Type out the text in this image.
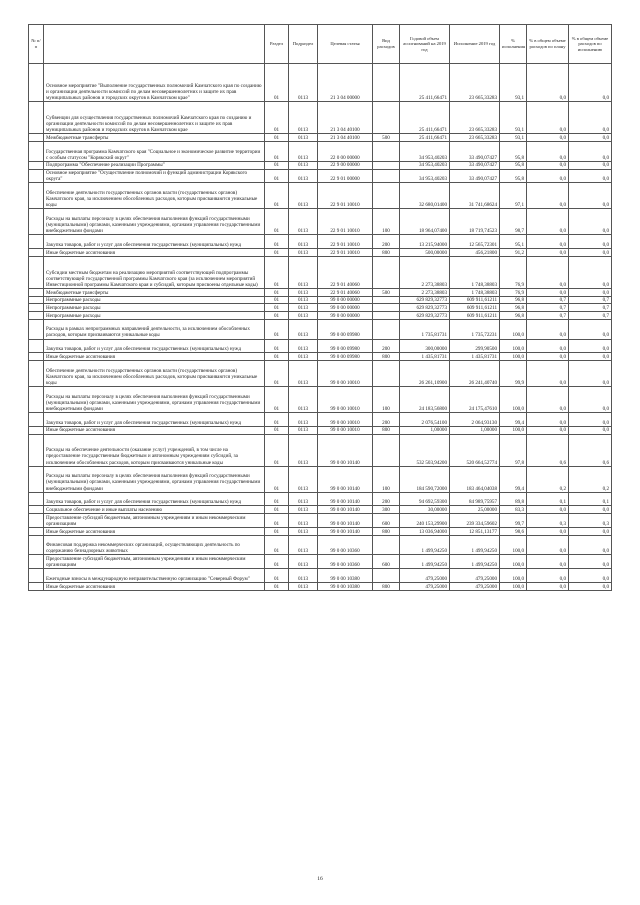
№ п/п		Раздел	Подраздел	Целевая статья	Вид расходов	Годовой объем ассигнований на 2019 год	Исполнение 2019 год	% исполнения	% в общем объеме расходов по плану	% в общем объеме расходов по исполнению
	Основное мероприятие "Выполнение государственных полномочий Камчатского края по созданию и организации деятельности комиссий по делам несовершеннолетних и защите их прав муниципальных районов и городских округов в Камчатском крае"	01	0113	21 3 04 00000		25 411,66471	23 665,33283	93,1	0,0	0,0
	Субвенции для осуществления государственных полномочий Камчатского края по созданию и организации деятельности комиссий по делам несовершеннолетних и защите их прав муниципальных районов и городских округов в Камчатском крае	01	0113	21 3 04 40100		25 411,66471	23 665,33283	93,1	0,0	0,0
	Межбюджетные трансферты	01	0113	21 3 04 40100	500	25 411,66471	23 665,33283	93,1	0,0	0,0
	Государственная программа Камчатского края "Социальное и экономическое развитие территории с особым статусом "Корякский округ"	01	0113	22 0 00 00000		34 953,40203	33 490,07427	95,8	0,0	0,0
	Подпрограмма "Обеспечение реализации Программы"	01	0113	22 9 00 00000		34 953,40203	33 490,07427	95,8	0,0	0,0
	Основное мероприятие "Осуществление полномочий и функций администрации Корякского округа"	01	0113	22 9 01 00000		34 953,40203	33 490,07427	95,8	0,0	0,0
	Обеспечение деятельности государственных органов власти (государственных органов) Камчатского края, за исключением обособленных расходов, которым присваиваются уникальные коды	01	0113	22 9 01 10010		32 680,01400	31 741,68624	97,1	0,0	0,0
	Расходы на выплаты персоналу в целях обеспечения выполнения функций государственными (муниципальными) органами, казенными учреждениями, органами управления государственными внебюджетными фондами	01	0113	22 9 01 10010	100	18 964,07400	18 719,74523	98,7	0,0	0,0
	Закупка товаров, работ и услуг для обеспечения государственных (муниципальных) нужд	01	0113	22 9 01 10010	200	13 215,94000	12 565,72301	95,1	0,0	0,0
	Иные бюджетные ассигнования	01	0113	22 9 01 10010	800	500,00000	456,21800	91,2	0,0	0,0
	Субсидии местным бюджетам на реализацию мероприятий соответствующей подпрограммы соответствующей государственной программы Камчатского края (за исключением мероприятий Инвестиционной программы Камчатского края и субсидий, которым присвоены отдельные коды)	01	0113	22 9 01 40060		2 273,38803	1 748,38803	76,9	0,0	0,0
	Межбюджетные трансферты	01	0113	22 9 01 40060	500	2 273,38803	1 748,38803	76,9	0,0	0,0
	Непрограммные расходы	01	0113	99 0 00 00000		629 829,32773	609 911,61211	96,8	0,7	0,7
	Непрограммные расходы	01	0113	99 0 00 00000		629 829,32773	609 911,61211	96,8	0,7	0,7
	Непрограммные расходы	01	0113	99 0 00 00000		629 829,32773	609 911,61211	96,8	0,7	0,7
	Расходы в рамках непрограммных направлений деятельности, за исключением обособленных расходов, которым присваиваются уникальные коды	01	0113	99 0 00 09980		1 735,81731	1 735,72231	100,0	0,0	0,0
	Закупка товаров, работ и услуг для обеспечения государственных (муниципальных) нужд	01	0113	99 0 00 09980	200	300,00000	299,90500	100,0	0,0	0,0
	Иные бюджетные ассигнования	01	0113	99 0 00 09980	800	1 435,81731	1 435,81731	100,0	0,0	0,0
	Обеспечение деятельности государственных органов власти (государственных органов) Камчатского края, за исключением обособленных расходов, которым присваиваются уникальные коды	01	0113	99 0 00 10010		26 261,10900	26 241,40740	99,9	0,0	0,0
	Расходы на выплаты персоналу в целях обеспечения выполнения функций государственными (муниципальными) органами, казенными учреждениями, органами управления государственными внебюджетными фондами	01	0113	99 0 00 10010	100	24 183,56800	24 175,47610	100,0	0,0	0,0
	Закупка товаров, работ и услуг для обеспечения государственных (муниципальных) нужд	01	0113	99 0 00 10010	200	2 076,54100	2 064,93130	99,4	0,0	0,0
	Иные бюджетные ассигнования	01	0113	99 0 00 10010	800	1,00000	1,00000	100,0	0,0	0,0
	Расходы на обеспечение деятельности (оказание услуг) учреждений, в том числе на предоставление государственным бюджетным и автономным учреждениям субсидий, за исключением обособленных расходов, которым присваиваются уникальные коды	01	0113	99 0 00 10140		532 503,94200	520 664,52774	97,8	0,6	0,6
	Расходы на выплаты персоналу в целях обеспечения выполнения функций государственными (муниципальными) органами, казенными учреждениями, органами управления государственными внебюджетными фондами	01	0113	99 0 00 10140	100	184 590,72000	183 464,04038	99,4	0,2	0,2
	Закупка товаров, работ и услуг для обеспечения государственных (муниципальных) нужд	01	0113	99 0 00 10140	200	94 692,59300	84 989,75957	89,8	0,1	0,1
	Социальное обеспечение и иные выплаты населению	01	0113	99 0 00 10140	300	30,00000	25,00000	83,3	0,0	0,0
	Предоставление субсидий бюджетным, автономным учреждениям и иным некоммерческим организациям	01	0113	99 0 00 10140	600	240 153,29900	239 334,59602	99,7	0,3	0,3
	Иные бюджетные ассигнования	01	0113	99 0 00 10140	800	13 036,94000	12 851,13177	98,6	0,0	0,0
	Финансовая поддержка некоммерческих организаций, осуществляющих деятельность по содержанию безнадзорных животных	01	0113	99 0 00 10360		1 499,94250	1 499,94250	100,0	0,0	0,0
	Предоставление субсидий бюджетным, автономным учреждениям и иным некоммерческим организациям	01	0113	99 0 00 10360	600	1 499,94250	1 499,94250	100,0	0,0	0,0
	Ежегодные взносы в международную неправительственную организацию "Северный Форум"	01	0113	99 0 00 10380		479,25000	479,25000	100,0	0,0	0,0
	Иные бюджетные ассигнования	01	0113	99 0 00 10380	800	479,25000	479,25000	100,0	0,0	0,0
16
